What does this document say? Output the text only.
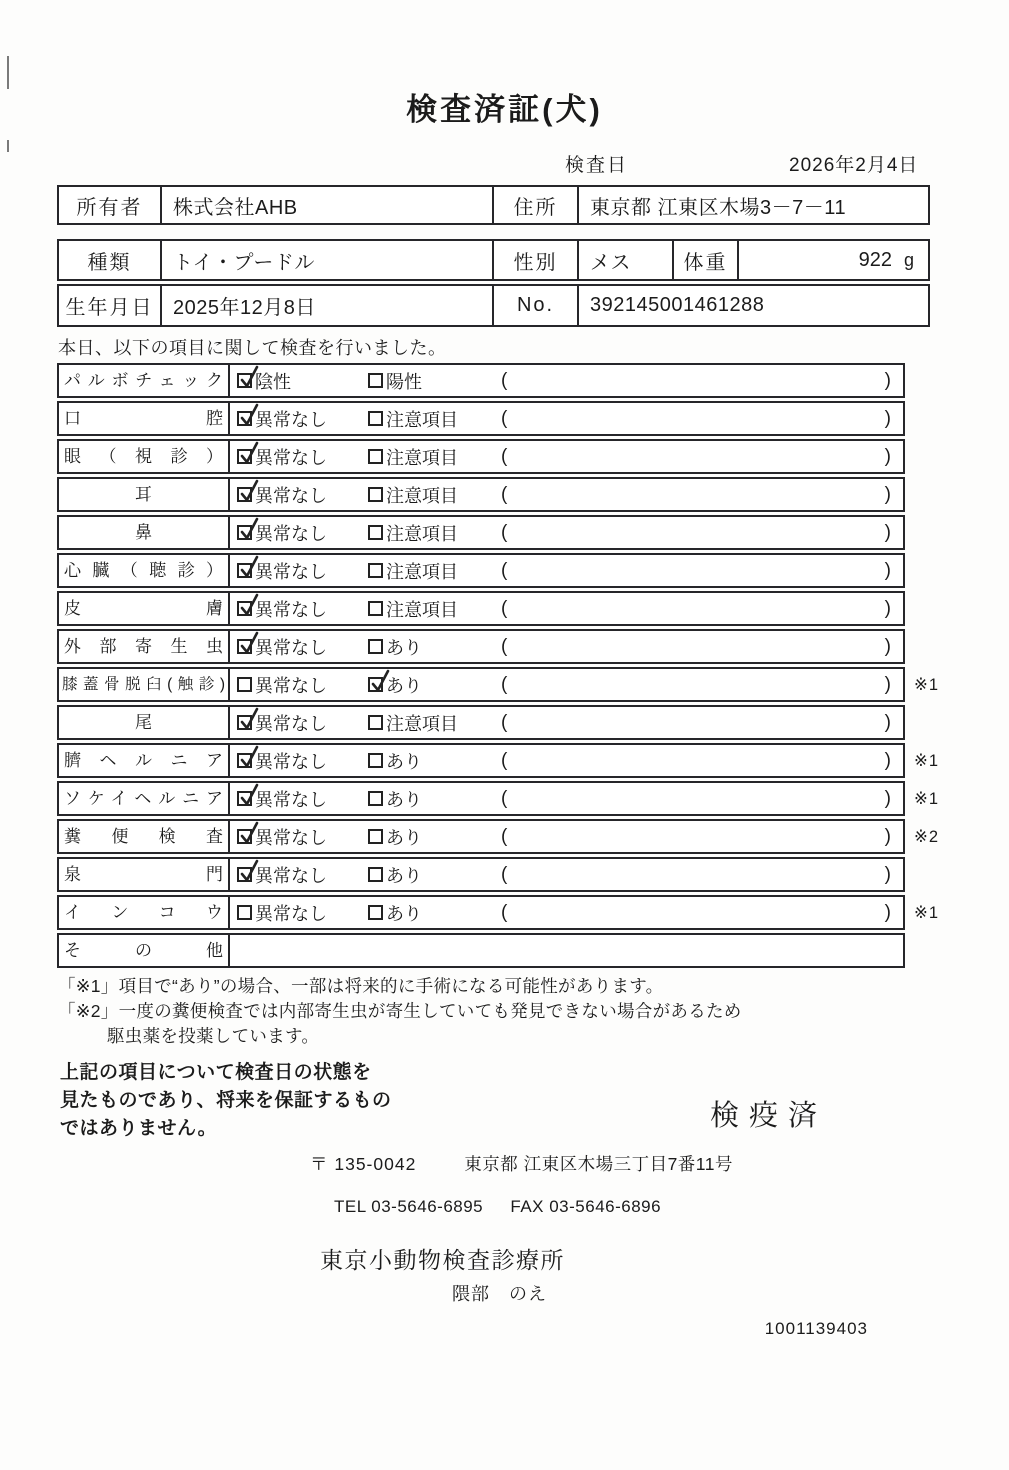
検査済証(犬)
検査日	2026年2月4日
所有者	株式会社AHB	住所	東京都 江東区木場3－7－11
種類	トイ・プードル	性別	メス	体重	922 g
生年月日 2025年12月8日	No.	392145001461288
本日、以下の項目に関して検査を行いました。
パルボチェック	陰性	陽性	(	)
口腔	異常なし	注意項目 (	)
眼（視診）	異常なし	注意項目 (	)
耳	異常なし	注意項目 (	)
鼻	異常なし	注意項目 (	)
心臓（聴診）	異常なし	注意項目 (	)
皮膚	異常なし	注意項目 (	)
外部寄生虫	異常なし	あり	(	)
膝蓋骨脱臼(触診) 異常なし	あり	(	)	※1
尾	異常なし	注意項目 (	)
臍ヘルニア	異常なし	あり	(	)	※1
ソケイヘルニア	異常なし	あり	(	)	※1
糞便検査	異常なし	あり	(	)	※2
泉門	異常なし	あり	(	)
インコウ	異常なし	あり	(	)	※1
その他
「※1」項目で“あり”の場合、一部は将来的に手術になる可能性があります。
「※2」一度の糞便検査では内部寄生虫が寄生していても発見できない場合があるため
駆虫薬を投薬しています。
上記の項目について検査日の状態を
見たものであり、将来を保証するもの
ではありません。	検疫済
〒 135-0042	東京都 江東区木場三丁目7番11号
TEL 03-5646-6895 FAX 03-5646-6896
東京小動物検査診療所
隈部　のえ
1001139403
